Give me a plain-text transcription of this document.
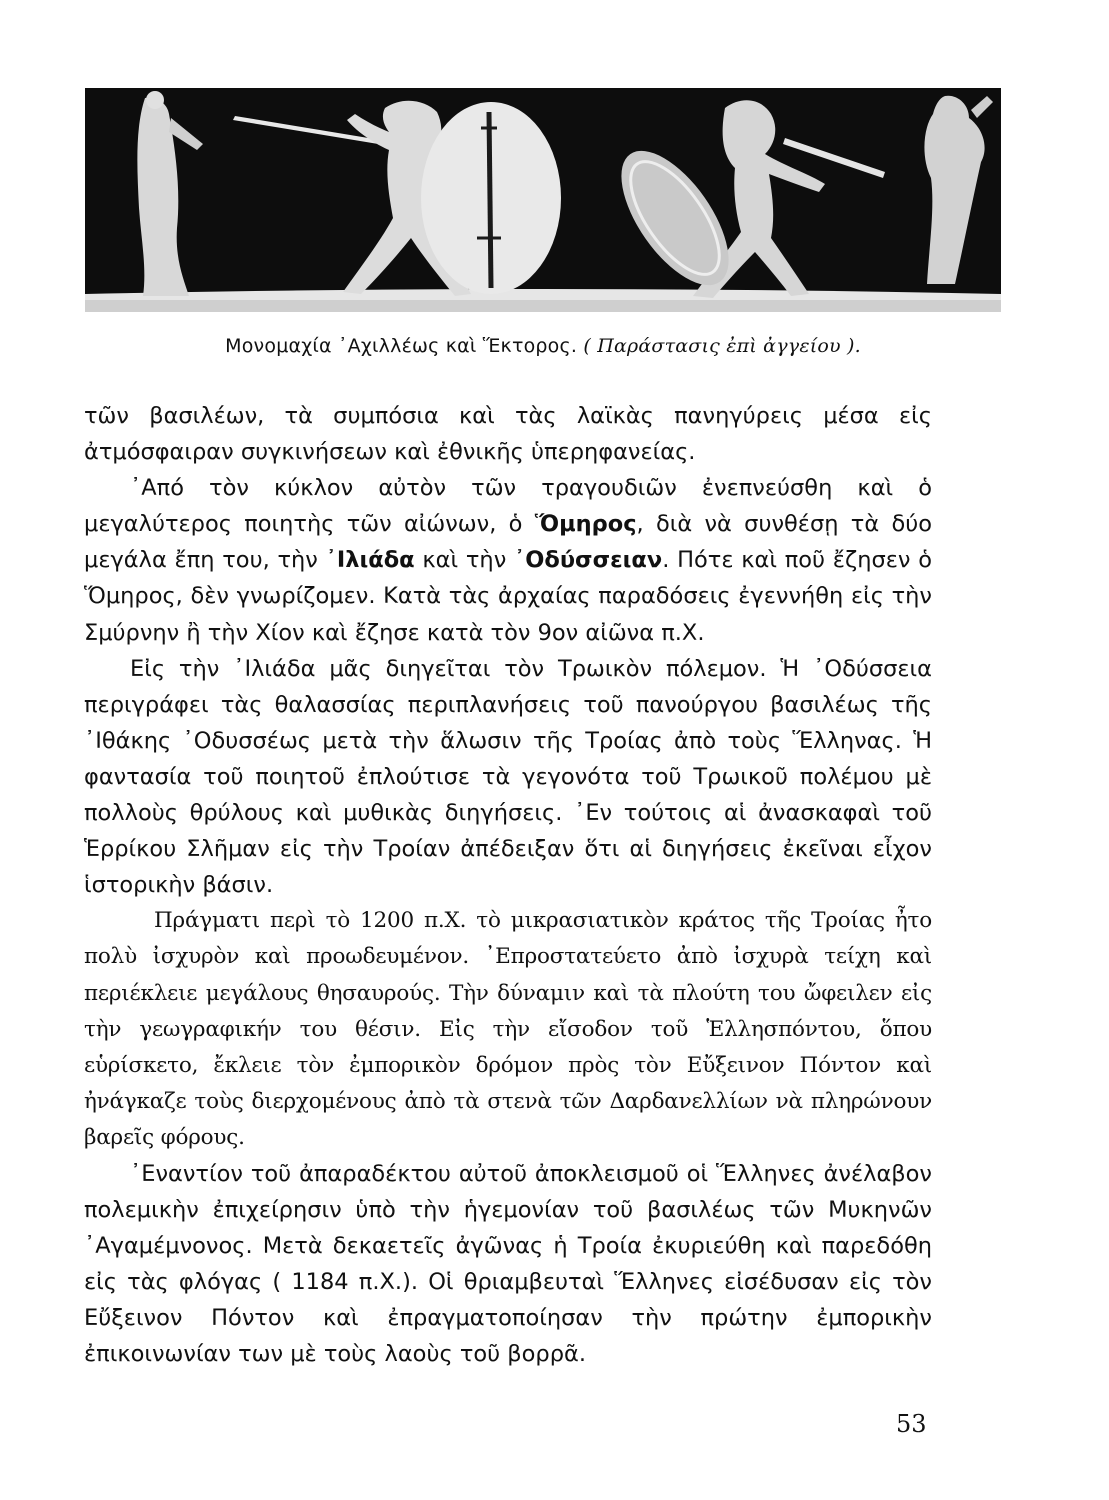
Μονομαχία ᾽Αχιλλέως καὶ Ἕκτορος. ( Παράστασις ἐπὶ ἀγγείου ).

τῶν βασιλέων, τὰ συμπόσια καὶ τὰς λαϊκὰς πανηγύρεις μέσα εἰς ἀτμόσφαιραν συγκινήσεων καὶ ἐθνικῆς ὑπερηφανείας.

᾽Από τὸν κύκλον αὐτὸν τῶν τραγουδιῶν ἐνεπνεύσθη καὶ ὁ μεγαλύτερος ποιητὴς τῶν αἰώνων, ὁ Ὅμηρος, διὰ νὰ συνθέσῃ τὰ δύο μεγάλα ἔπη του, τὴν ᾽Ιλιάδα καὶ τὴν ᾽Οδύσσειαν. Πότε καὶ ποῦ ἔζησεν ὁ Ὅμηρος, δὲν γνωρίζομεν. Κατὰ τὰς ἀρχαίας παραδόσεις ἐγεννήθη εἰς τὴν Σμύρνην ἢ τὴν Χίον καὶ ἔζησε κατὰ τὸν 9ον αἰῶνα π.Χ.

Εἰς τὴν ᾽Ιλιάδα μᾶς διηγεῖται τὸν Τρωικὸν πόλεμον. Ἡ ᾽Οδύσσεια περιγράφει τὰς θαλασσίας περιπλανήσεις τοῦ πανούργου βασιλέως τῆς ᾽Ιθάκης ᾽Οδυσσέως μετὰ τὴν ἅλωσιν τῆς Τροίας ἀπὸ τοὺς Ἕλληνας. Ἡ φαντασία τοῦ ποιητοῦ ἐπλούτισε τὰ γεγονότα τοῦ Τρωικοῦ πολέμου μὲ πολλοὺς θρύλους καὶ μυθικὰς διηγήσεις. ᾽Εν τούτοις αἱ ἀνασκαφαὶ τοῦ Ἑρρίκου Σλῆμαν εἰς τὴν Τροίαν ἀπέδειξαν ὅτι αἱ διηγήσεις ἐκεῖναι εἶχον ἱστορικὴν βάσιν.

Πράγματι περὶ τὸ 1200 π.Χ. τὸ μικρασιατικὸν κράτος τῆς Τροίας ἦτο πολὺ ἰσχυρὸν καὶ προωδευμένον. ᾽Επροστατεύετο ἀπὸ ἰσχυρὰ τείχη καὶ περιέκλειε μεγάλους θησαυρούς. Τὴν δύναμιν καὶ τὰ πλούτη του ὤφειλεν εἰς τὴν γεωγραφικήν του θέσιν. Εἰς τὴν εἴσοδον τοῦ Ἑλλησπόντου, ὅπου εὑρίσκετο, ἔκλειε τὸν ἐμπορικὸν δρόμον πρὸς τὸν Εὔξεινον Πόντον καὶ ἠνάγκαζε τοὺς διερχομένους ἀπὸ τὰ στενὰ τῶν Δαρδανελλίων νὰ πληρώνουν βαρεῖς φόρους.

᾽Εναντίον τοῦ ἀπαραδέκτου αὐτοῦ ἀποκλεισμοῦ οἱ Ἕλληνες ἀνέλαβον πολεμικὴν ἐπιχείρησιν ὑπὸ τὴν ἡγεμονίαν τοῦ βασιλέως τῶν Μυκηνῶν ᾽Αγαμέμνονος. Μετὰ δεκαετεῖς ἀγῶνας ἡ Τροία ἐκυριεύθη καὶ παρεδόθη εἰς τὰς φλόγας ( 1184 π.Χ.). Οἱ θριαμβευταὶ Ἕλληνες εἰσέδυσαν εἰς τὸν Εὔξεινον Πόντον καὶ ἐπραγματοποίησαν τὴν πρώτην ἐμπορικὴν ἐπικοινωνίαν των μὲ τοὺς λαοὺς τοῦ βορρᾶ.

53
